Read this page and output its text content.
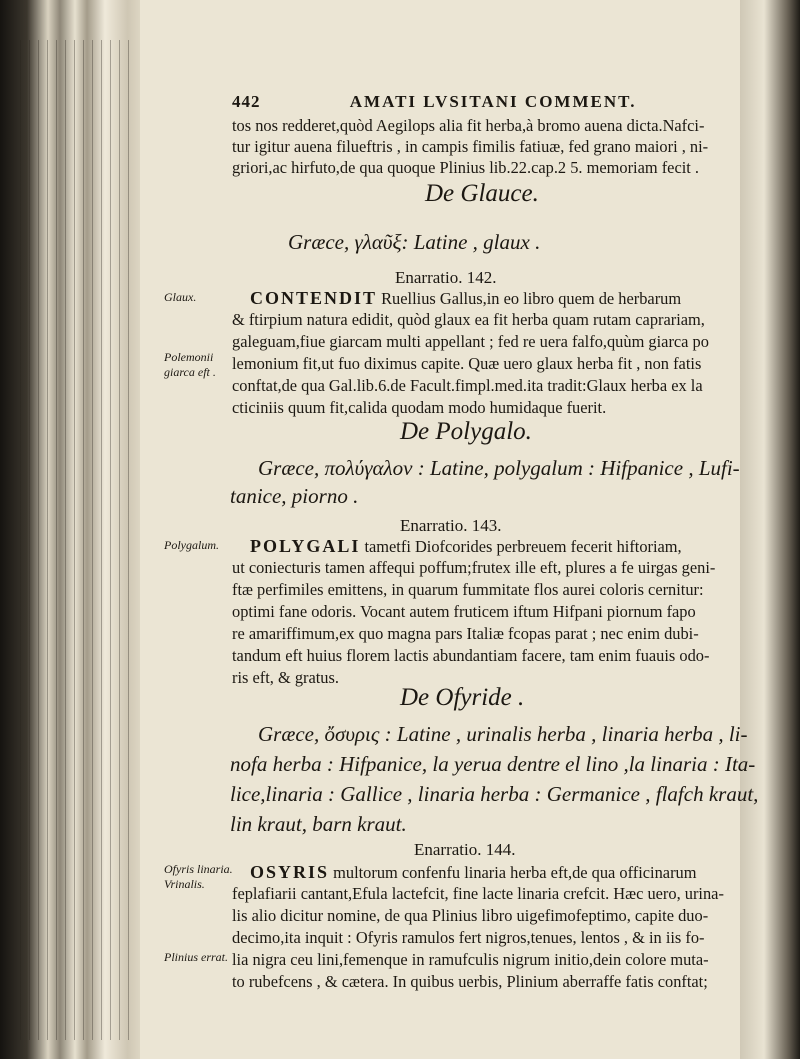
442	AMATI LVSITANI COMMENT.
tos nos redderet,quòd Aegilops alia fit herba,à bromo auena dicta.Nafci-
tur igitur auena filueftris , in campis fimilis fatiuæ, fed grano maiori , ni-
griori,ac hirfuto,de qua quoque Plinius lib.22.cap.2 5. memoriam fecit .
De Glauce.
Græce, γλαῦξ: Latine , glaux .
Enarratio. 142.
Glaux.
Polemonii giarca eft .
CONTENDIT Ruellius Gallus,in eo libro quem de herbarum
& ftirpium natura edidit, quòd glaux ea fit herba quam rutam caprariam,
galeguam,fiue giarcam multi appellant ; fed re uera falfo,quùm giarca po
lemonium fit,ut fuo diximus capite. Quæ uero glaux herba fit , non fatis
conftat,de qua Gal.lib.6.de Facult.fimpl.med.ita tradit:Glaux herba ex la
cticiniis quum fit,calida quodam modo humidaque fuerit.
De Polygalo.
Græce, πολύγαλον : Latine, polygalum : Hifpanice , Lufi-
tanice, piorno .
Enarratio. 143.
Polygalum.	POLYGALI tametfi Diofcorides perbreuem fecerit hiftoriam,
ut coniecturis tamen affequi poffum;frutex ille eft, plures a fe uirgas geni-
ftæ perfimiles emittens, in quarum fummitate flos aurei coloris cernitur:
optimi fane odoris. Vocant autem fruticem iftum Hifpani piornum fapo
re amariffimum,ex quo magna pars Italiæ fcopas parat ; nec enim dubi-
tandum eft huius florem lactis abundantiam facere, tam enim fuauis odo-
ris eft, & gratus.
De Ofyride .
Græce, ὄσυρις : Latine , urinalis herba , linaria herba , li-
nofa herba : Hifpanice, la yerua dentre el lino ,la linaria : Ita-
lice,linaria : Gallice , linaria herba : Germanice , flafch kraut,
lin kraut, barn kraut.
Enarratio. 144.
Ofyris linaria. Vrinalis.
Plinius errat.
OSYRIS multorum confenfu linaria herba eft,de qua officinarum
feplafiarii cantant,Efula lactefcit, fine lacte linaria crefcit. Hæc uero, urina-
lis alio dicitur nomine, de qua Plinius libro uigefimofeptimo, capite duo-
decimo,ita inquit : Ofyris ramulos fert nigros,tenues, lentos , & in iis fo-
lia nigra ceu lini,femenque in ramufculis nigrum initio,dein colore muta-
to rubefcens , & cætera. In quibus uerbis, Plinium aberraffe fatis conftat;
